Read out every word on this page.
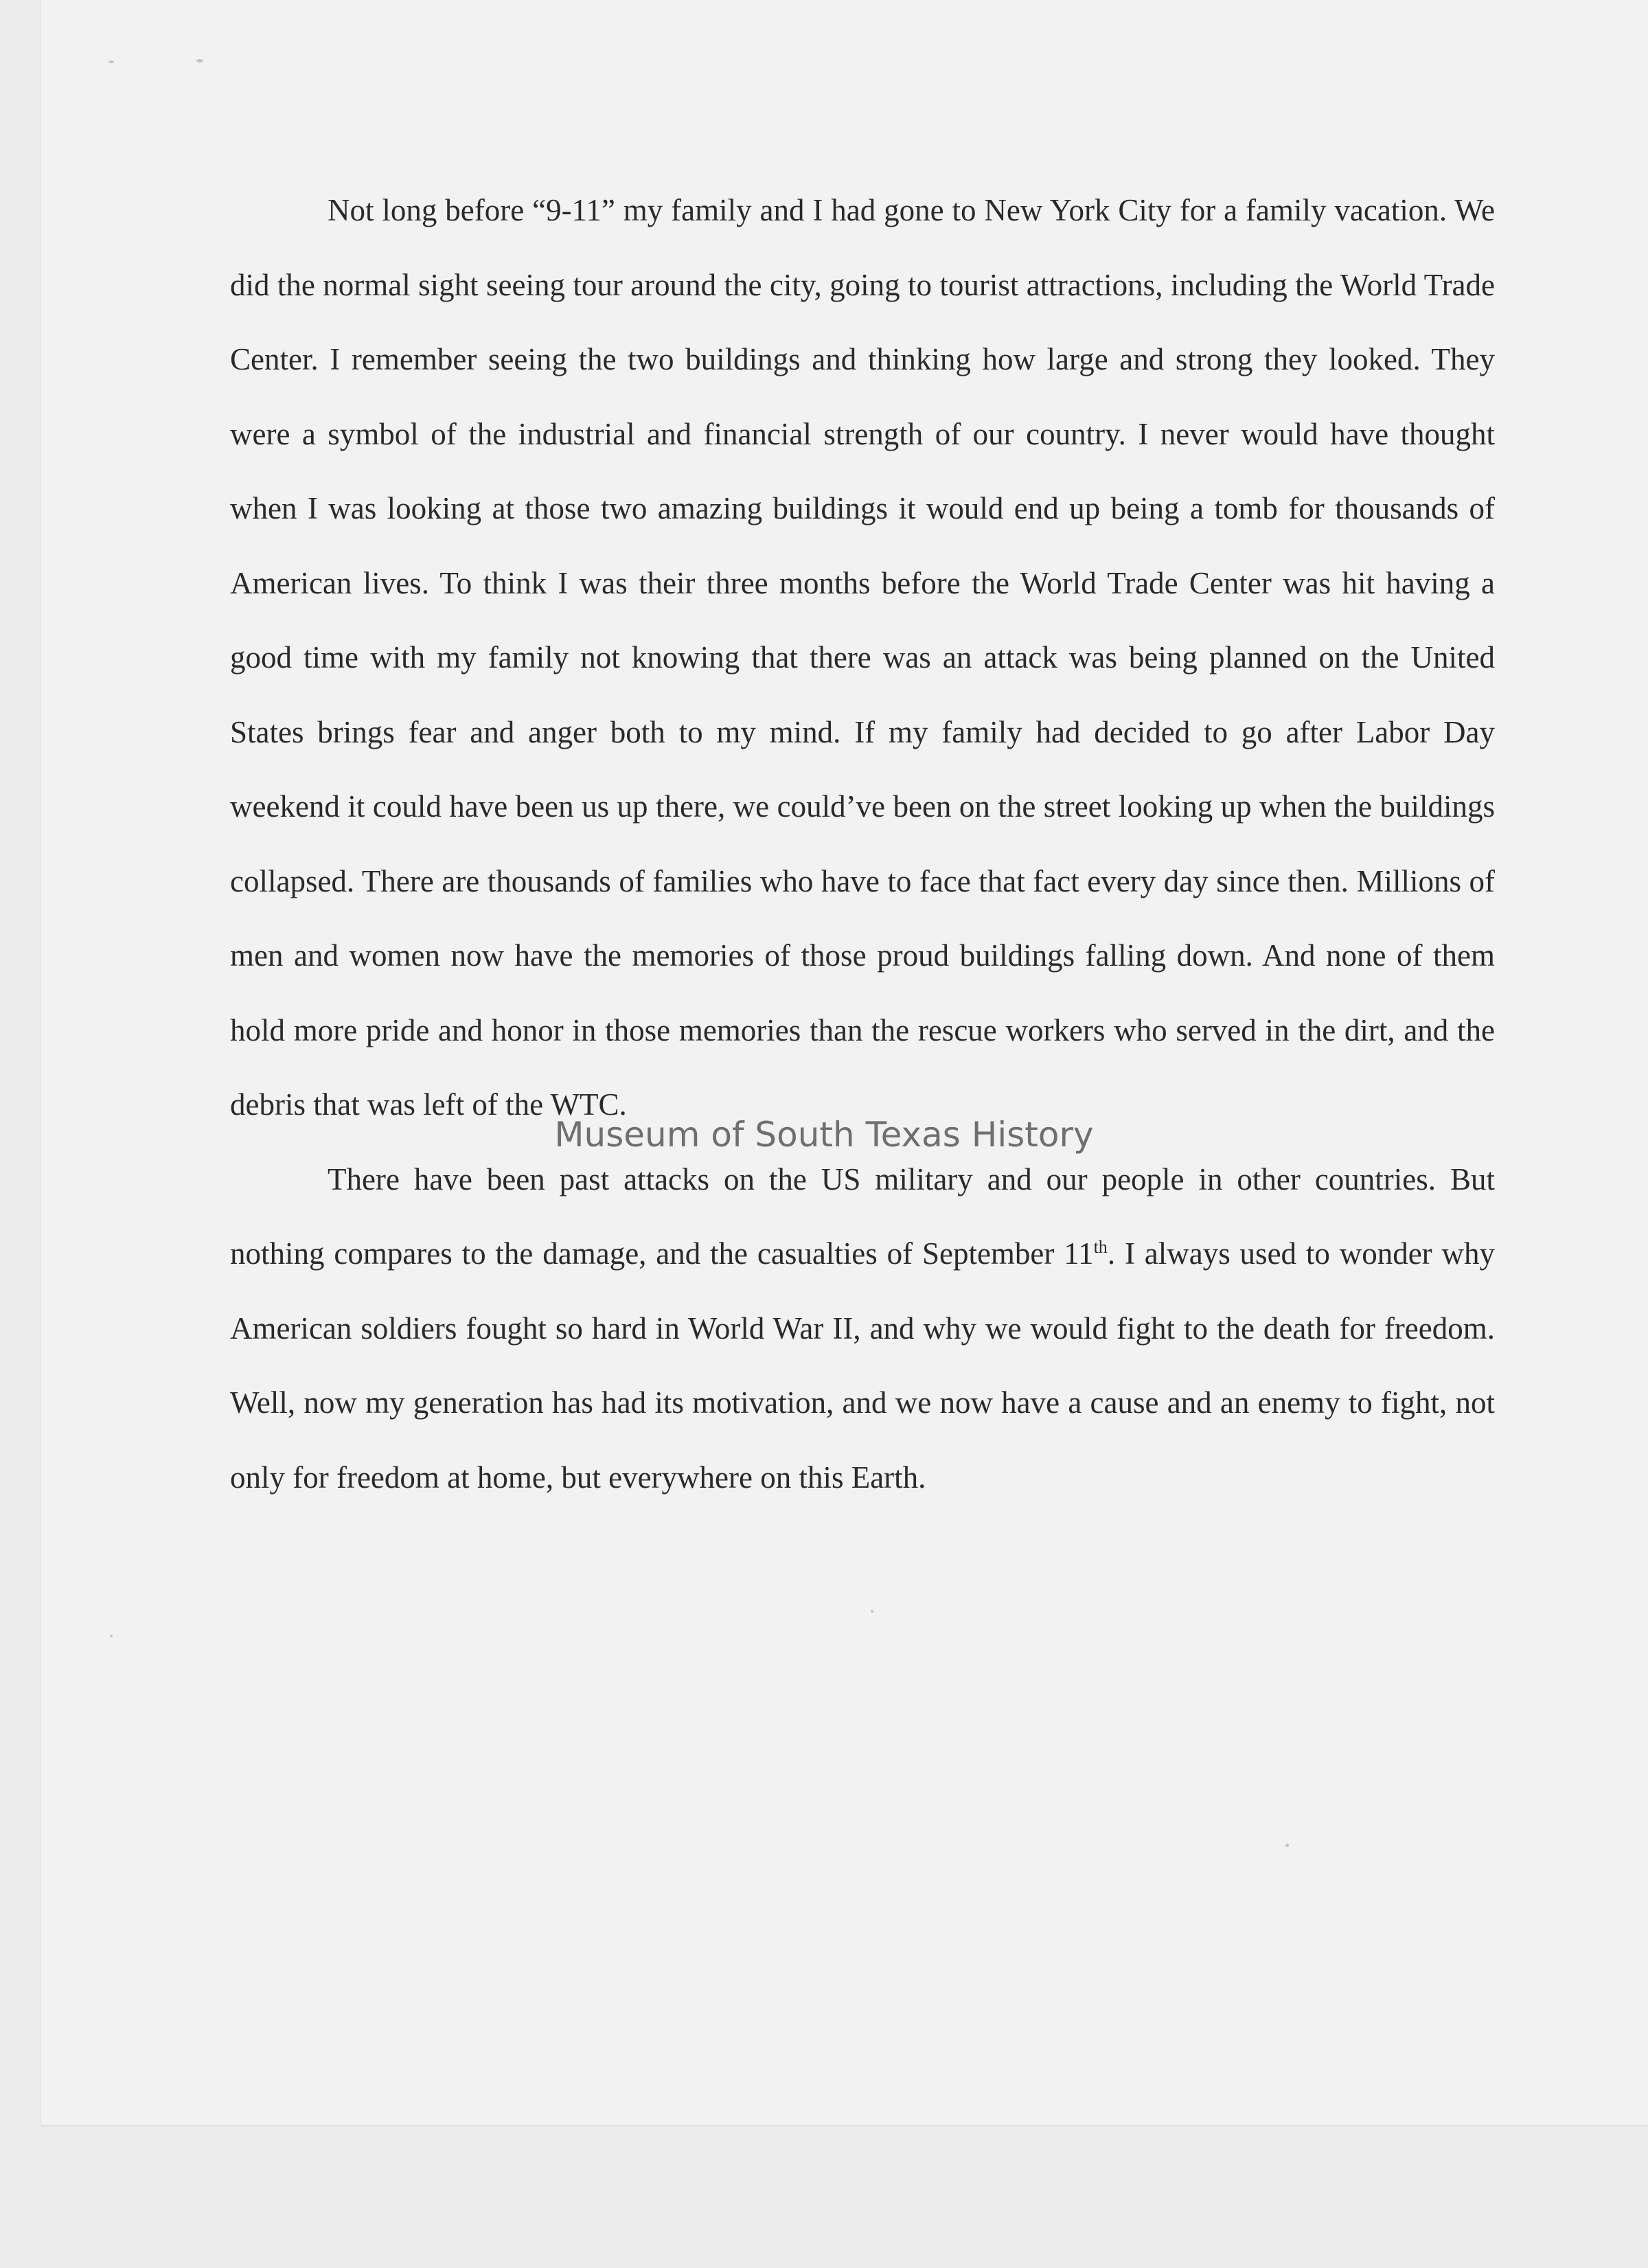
Not long before “9-11” my family and I had gone to New York City for a family vacation. We did the normal sight seeing tour around the city, going to tourist attractions, including the World Trade Center. I remember seeing the two buildings and thinking how large and strong they looked. They were a symbol of the industrial and financial strength of our country. I never would have thought when I was looking at those two amazing buildings it would end up being a tomb for thousands of American lives. To think I was their three months before the World Trade Center was hit having a good time with my family not knowing that there was an attack was being planned on the United States brings fear and anger both to my mind. If my family had decided to go after Labor Day weekend it could have been us up there, we could’ve been on the street looking up when the buildings collapsed. There are thousands of families who have to face that fact every day since then. Millions of men and women now have the memories of those proud buildings falling down. And none of them hold more pride and honor in those memories than the rescue workers who served in the dirt, and the debris that was left of the WTC.

There have been past attacks on the US military and our people in other countries. But nothing compares to the damage, and the casualties of September 11th. I always used to wonder why American soldiers fought so hard in World War II, and why we would fight to the death for freedom. Well, now my generation has had its motivation, and we now have a cause and an enemy to fight, not only for freedom at home, but everywhere on this Earth.

Museum of South Texas History
